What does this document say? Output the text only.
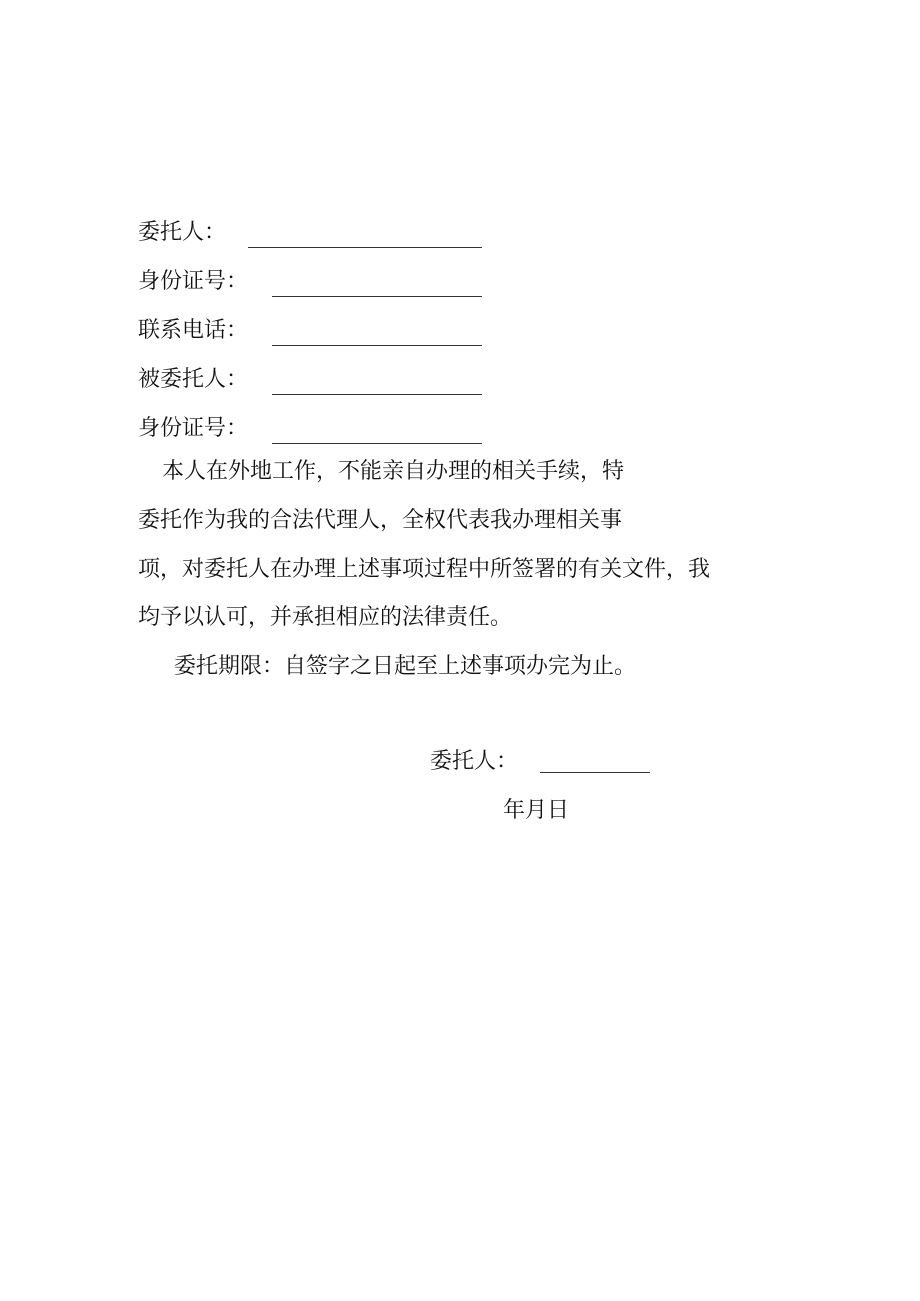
委托人：
身份证号：
联系电话：
被委托人：
身份证号：
本人在外地工作，不能亲自办理的相关手续，特
委托作为我的合法代理人，全权代表我办理相关事
项，对委托人在办理上述事项过程中所签署的有关文件，我
均予以认可，并承担相应的法律责任。
委托期限：自签字之日起至上述事项办完为止。
委托人：
年月日
